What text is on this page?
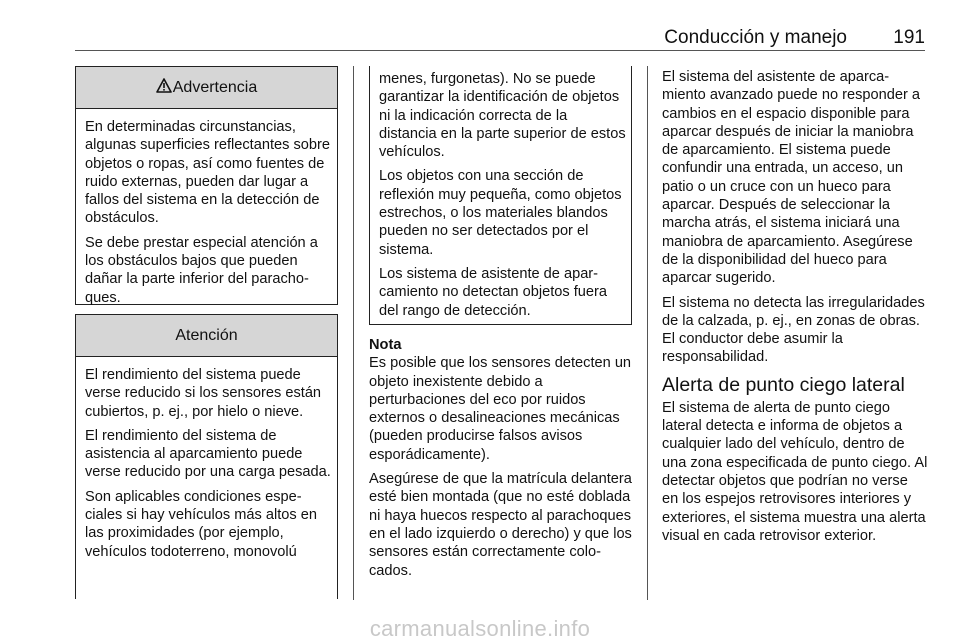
Conducción y manejo 191
Advertencia

En determinadas circunstancias, algunas superficies reflectantes sobre objetos o ropas, así como fuentes de ruido externas, pueden dar lugar a fallos del sistema en la detección de obstáculos.

Se debe prestar especial atención a los obstáculos bajos que pueden dañar la parte inferior del parachoques.

Atención

El rendimiento del sistema puede verse reducido si los sensores están cubiertos, p. ej., por hielo o nieve.

El rendimiento del sistema de asistencia al aparcamiento puede verse reducido por una carga pesada.

Son aplicables condiciones especiales si hay vehículos más altos en las proximidades (por ejemplo, vehículos todoterreno, monovolú

menes, furgonetas). No se puede garantizar la identificación de objetos ni la indicación correcta de la distancia en la parte superior de estos vehículos.

Los objetos con una sección de reflexión muy pequeña, como objetos estrechos, o los materiales blandos pueden no ser detectados por el sistema.

Los sistema de asistente de aparcamiento no detectan objetos fuera del rango de detección.

Nota

Es posible que los sensores detecten un objeto inexistente debido a perturbaciones del eco por ruidos externos o desalineaciones mecánicas (pueden producirse falsos avisos esporádicamente).

Asegúrese de que la matrícula delantera esté bien montada (que no esté doblada ni haya huecos respecto al parachoques en el lado izquierdo o derecho) y que los sensores están correctamente colocados.

El sistema del asistente de aparcamiento avanzado puede no responder a cambios en el espacio disponible para aparcar después de iniciar la maniobra de aparcamiento. El sistema puede confundir una entrada, un acceso, un patio o un cruce con un hueco para aparcar. Después de seleccionar la marcha atrás, el sistema iniciará una maniobra de aparcamiento. Asegúrese de la disponibilidad del hueco para aparcar sugerido.

El sistema no detecta las irregularidades de la calzada, p. ej., en zonas de obras. El conductor debe asumir la responsabilidad.

Alerta de punto ciego lateral

El sistema de alerta de punto ciego lateral detecta e informa de objetos a cualquier lado del vehículo, dentro de una zona especificada de punto ciego. Al detectar objetos que podrían no verse en los espejos retrovisores interiores y exteriores, el sistema muestra una alerta visual en cada retrovisor exterior.

carmanualsonline.info
